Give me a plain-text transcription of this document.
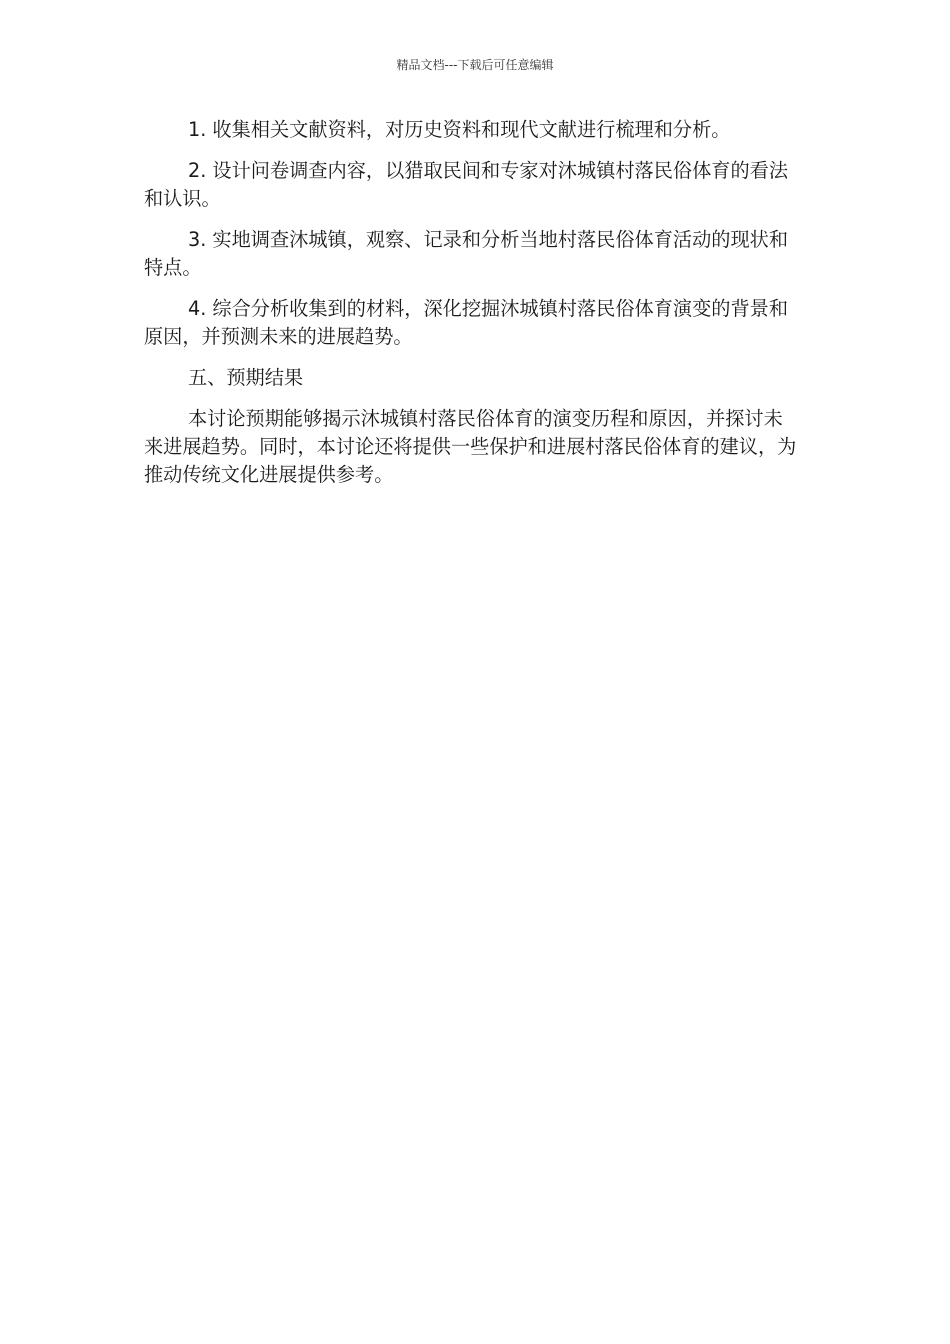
精品文档---下载后可任意编辑

1. 收集相关文献资料，对历史资料和现代文献进行梳理和分析。

2. 设计问卷调查内容，以猎取民间和专家对沐城镇村落民俗体育的看法和认识。

3. 实地调查沐城镇，观察、记录和分析当地村落民俗体育活动的现状和特点。

4. 综合分析收集到的材料，深化挖掘沐城镇村落民俗体育演变的背景和原因，并预测未来的进展趋势。

五、预期结果

本讨论预期能够揭示沐城镇村落民俗体育的演变历程和原因，并探讨未来进展趋势。同时，本讨论还将提供一些保护和进展村落民俗体育的建议，为推动传统文化进展提供参考。
